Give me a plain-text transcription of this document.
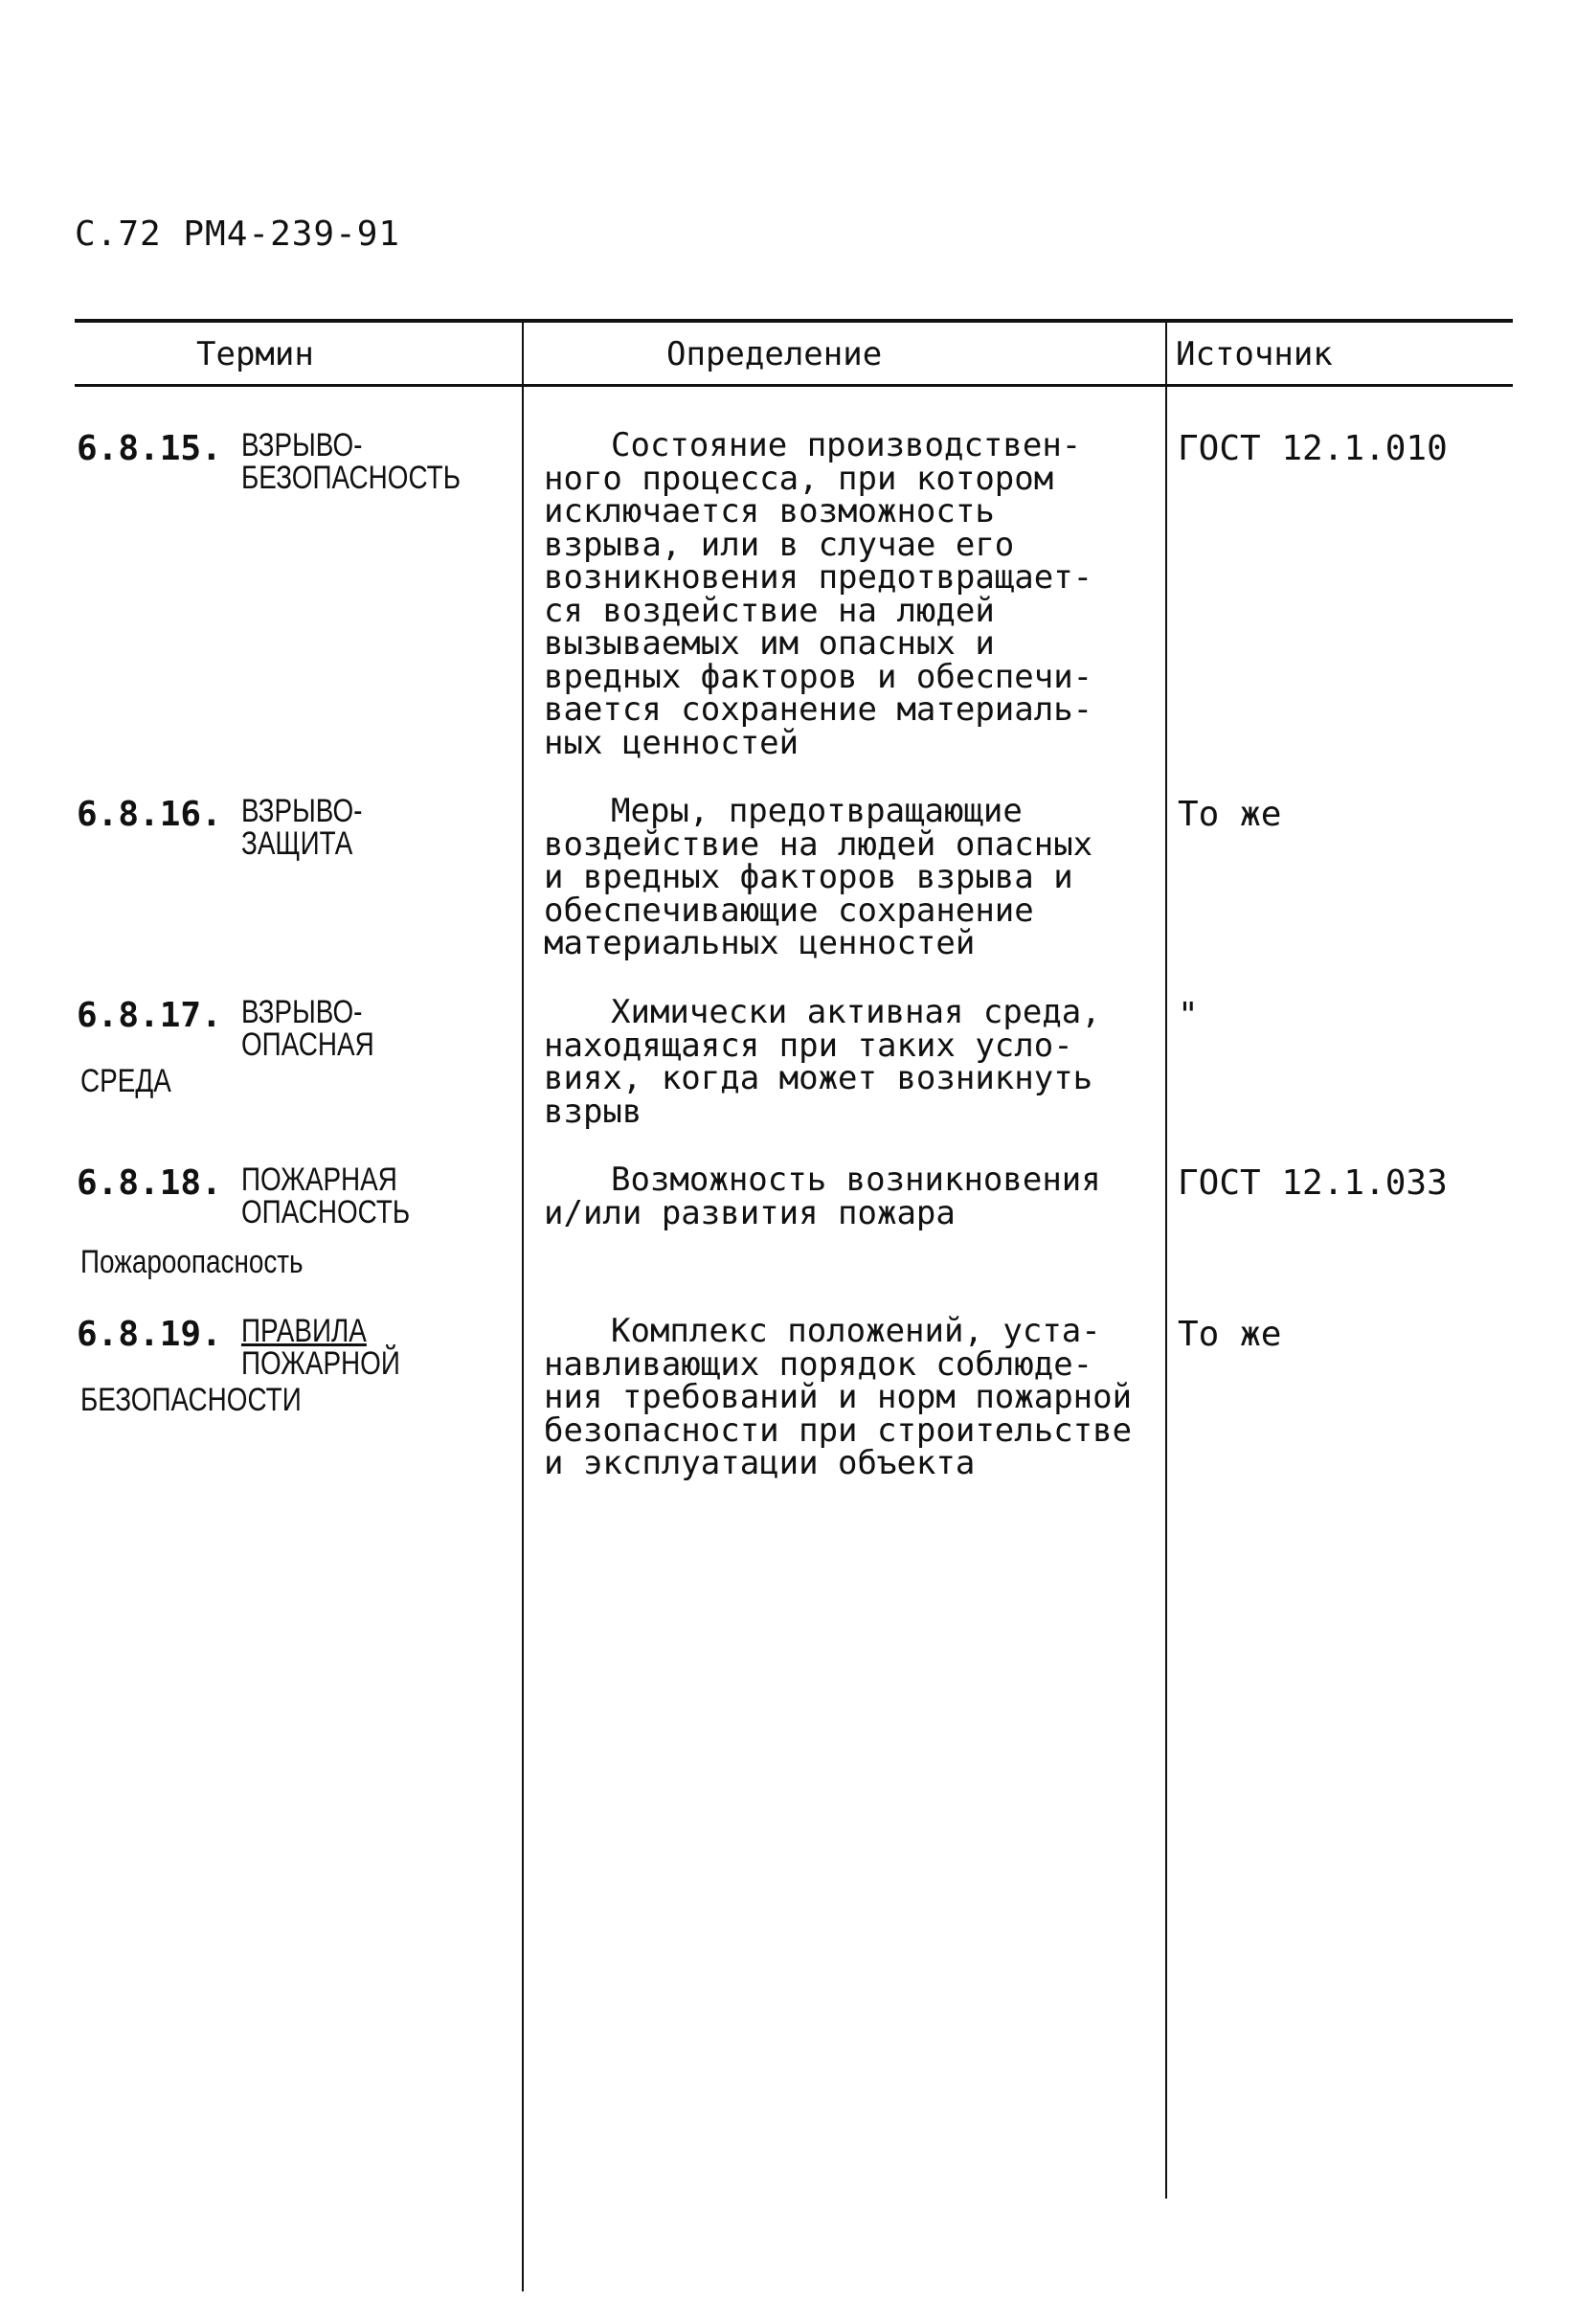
С.72 РМ4-239-91
Термин	Определение	Источник
6.8.15. ВЗРЫВО-
БЕЗОПАСНОСТЬ
Состояние производствен-
ного процесса, при котором
исключается возможность
взрыва, или в случае его
возникновения предотвращает-
ся воздействие на людей
вызываемых им опасных и
вредных факторов и обеспечи-
вается сохранение материаль-
ных ценностей
ГОСТ 12.1.010
6.8.16. ВЗРЫВО-
ЗАЩИТА
Меры, предотвращающие
воздействие на людей опасных
и вредных факторов взрыва и
обеспечивающие сохранение
материальных ценностей
То же
6.8.17. ВЗРЫВО-
ОПАСНАЯ
СРЕДА
Химически активная среда,
находящаяся при таких усло-
виях, когда может возникнуть
взрыв
"
6.8.18. ПОЖАРНАЯ
ОПАСНОСТЬ
Пожароопасность
Возможность возникновения
и/или развития пожара
ГОСТ 12.1.033
6.8.19. ПРАВИЛА
ПОЖАРНОЙ
БЕЗОПАСНОСТИ
Комплекс положений, уста-
навливающих порядок соблюде-
ния требований и норм пожарной
безопасности при строительстве
и эксплуатации объекта
То же
